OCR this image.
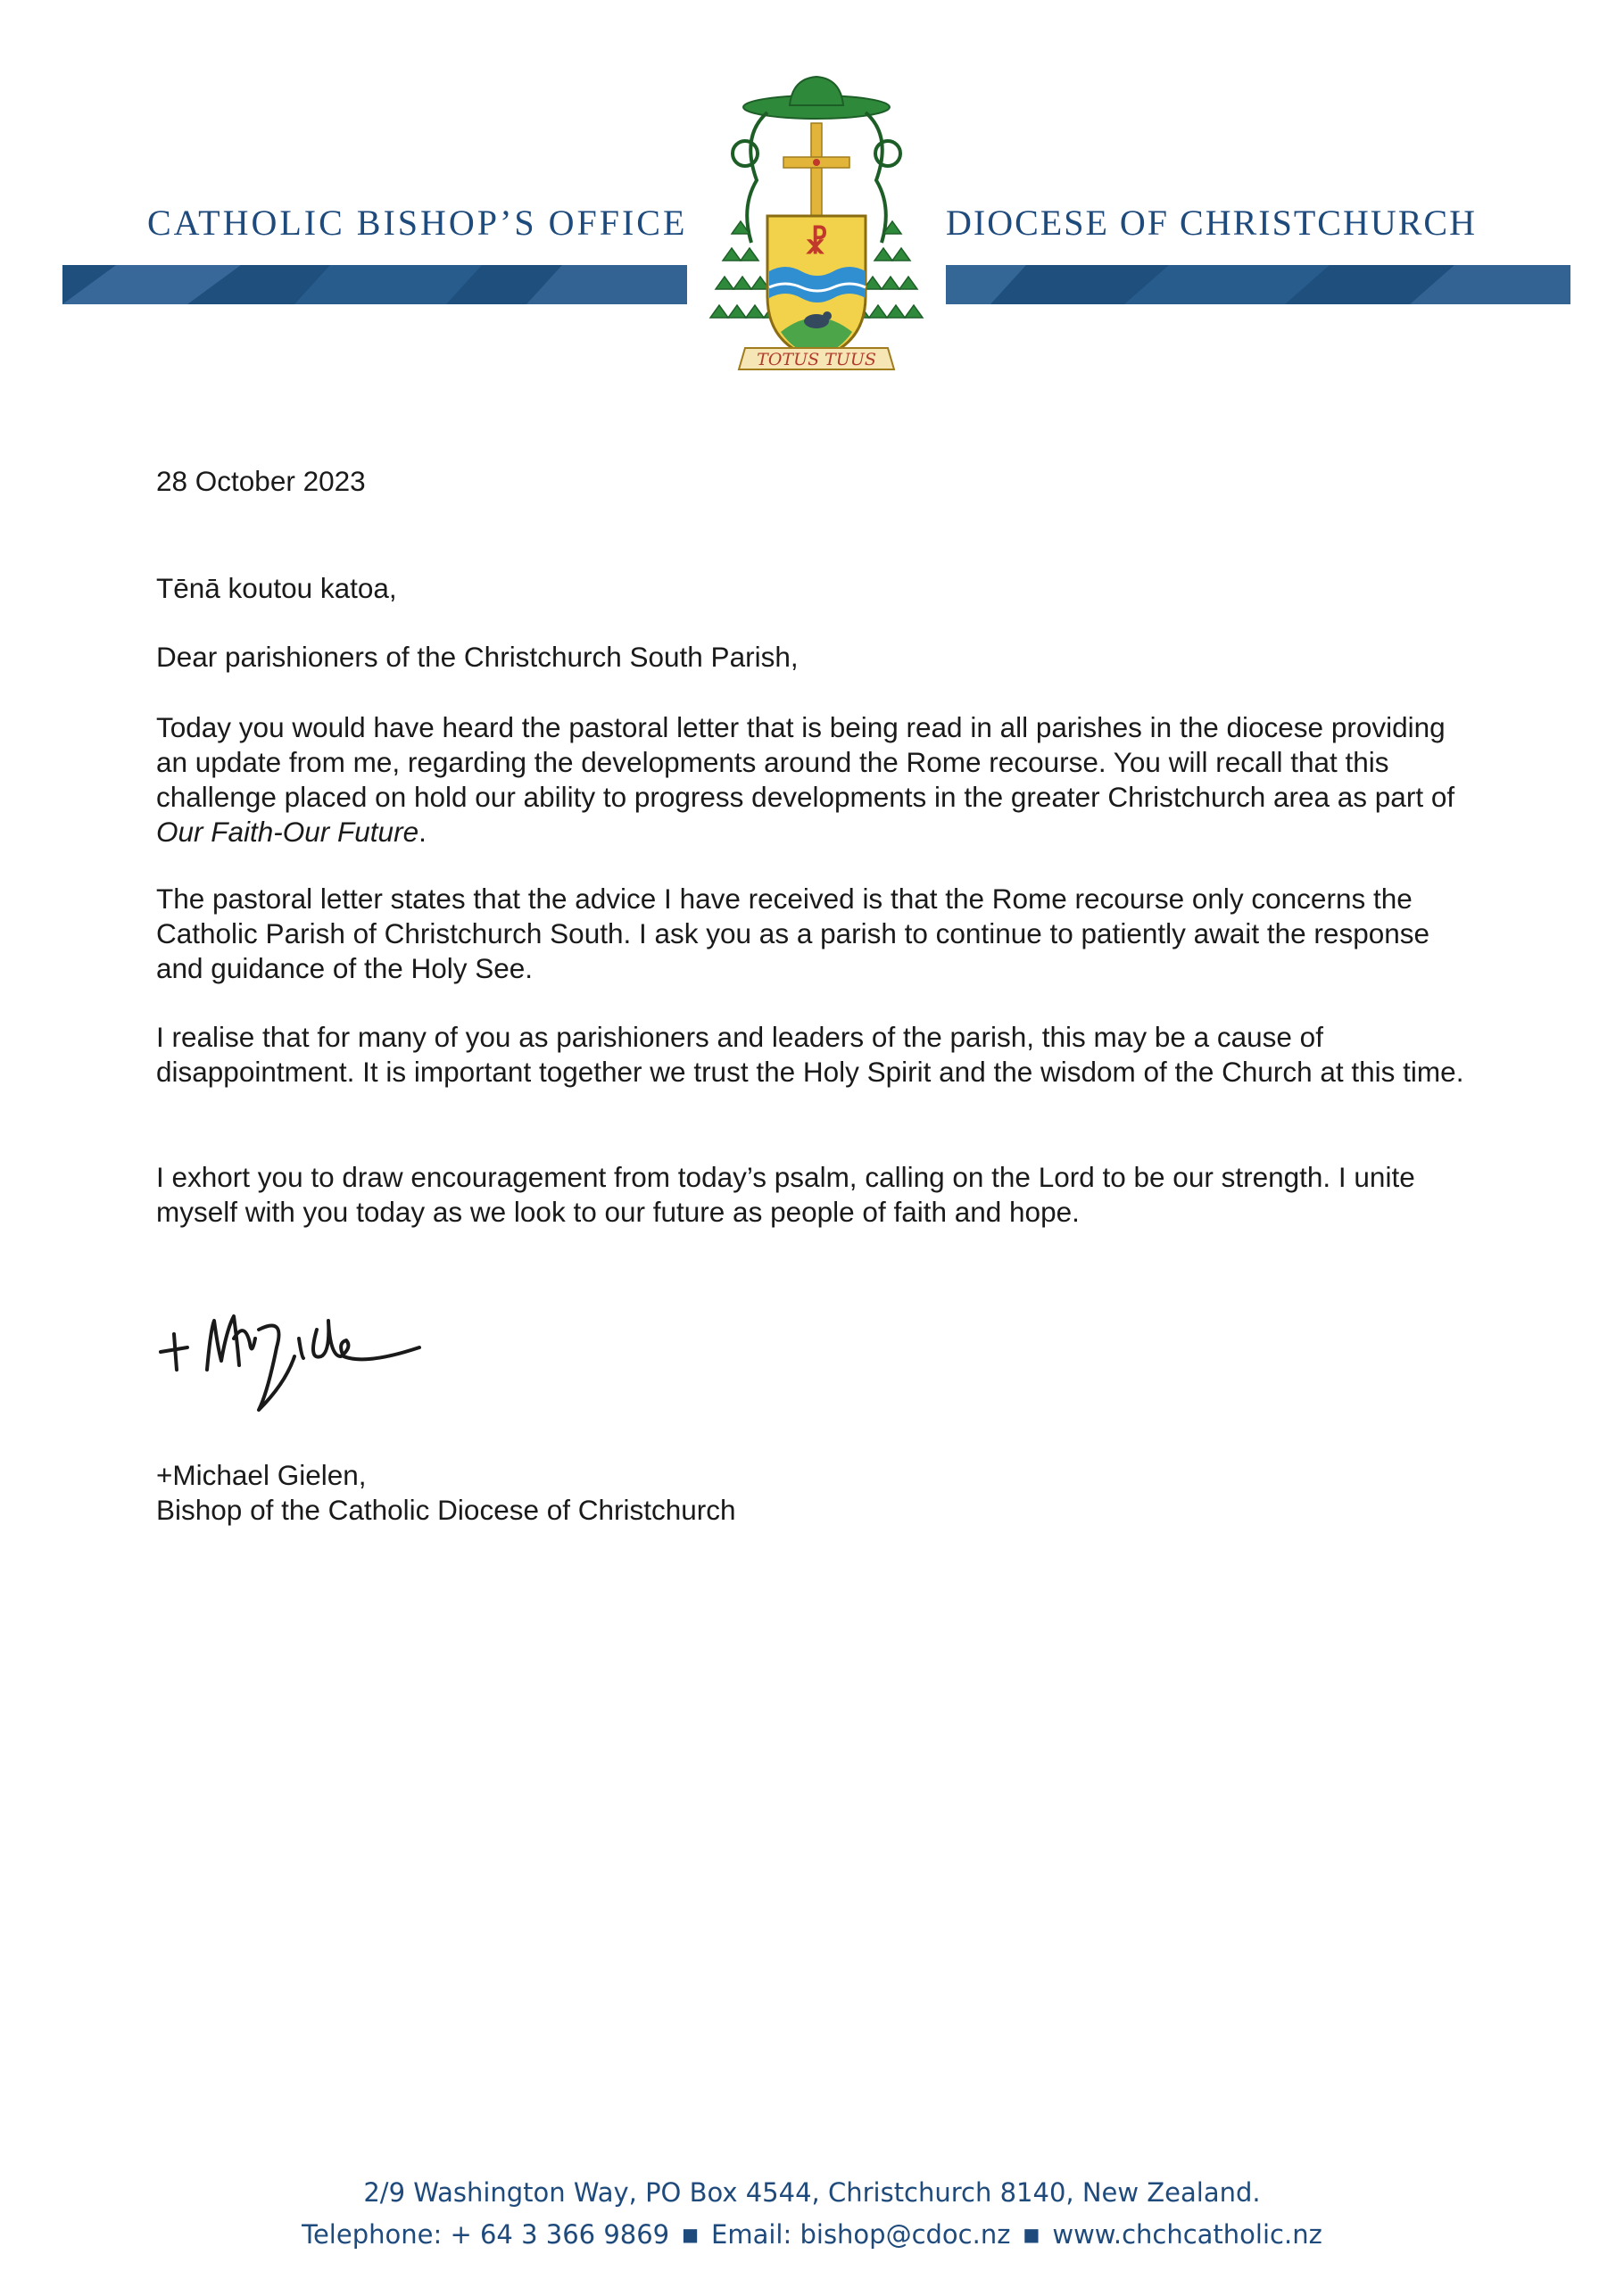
CATHOLIC BISHOP’S OFFICE	DIOCESE OF CHRISTCHURCH
☧
TOTUS TUUS
28 October 2023
Tēnā koutou katoa,
Dear parishioners of the Christchurch South Parish,
Today you would have heard the pastoral letter that is being read in all parishes in the diocese providing an update from me, regarding the developments around the Rome recourse. You will recall that this challenge placed on hold our ability to progress developments in the greater Christchurch area as part of Our Faith-Our Future.
The pastoral letter states that the advice I have received is that the Rome recourse only concerns the Catholic Parish of Christchurch South. I ask you as a parish to continue to patiently await the response and guidance of the Holy See.
I realise that for many of you as parishioners and leaders of the parish, this may be a cause of disappointment. It is important together we trust the Holy Spirit and the wisdom of the Church at this time.
I exhort you to draw encouragement from today’s psalm, calling on the Lord to be our strength. I unite myself with you today as we look to our future as people of faith and hope.

+Michael Gielen,

Bishop of the Catholic Diocese of Christchurch

2/9 Washington Way, PO Box 4544, Christchurch 8140, New Zealand.
Telephone: + 64 3 366 9869 ■ Email: bishop@cdoc.nz ■ www.chchcatholic.nz
